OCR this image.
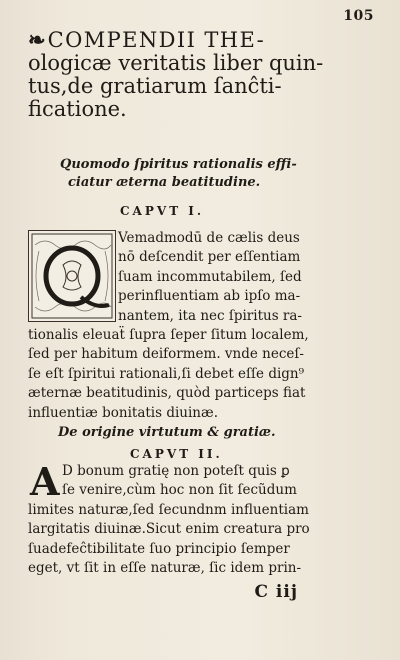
105
❧COMPENDII THE-
ologicæ veritatis liber quin-
tus,de gratiarum ſanĉti-
ficatione.
Quomodo ſpiritus rationalis effi-
ciatur æterna beatitudine.
CAPVT I.
Vemadmodū de cælis deus
nō deſcendit per eſſentiam
ſuam incommutabilem, ſed
perinfluentiam ab ipſo ma-
nantem, ita nec ſpiritus ra-
tionalis eleuaẗ ſupra ſeper ſitum localem,
ſed per habitum deiformem. vnde neceſ-
ſe eſt ſpiritui rationali,ſi debet eſſe dign⁹
æternæ beatitudinis, quòd particeps fiat
influentiæ bonitatis diuinæ.
De origine virtutum & gratiæ.
CAPVT II.
A D bonum gratię non poteſt quis ꝑ
ſe venire,cùm hoc non ſit ſecũdum
limites naturæ,ſed ſecundnm influentiam
largitatis diuinæ.Sicut enim creatura pro
ſuadefeĉtibilitate ſuo principio ſemper
eget, vt ſit in eſſe naturæ, ſic idem prin-
C iij
